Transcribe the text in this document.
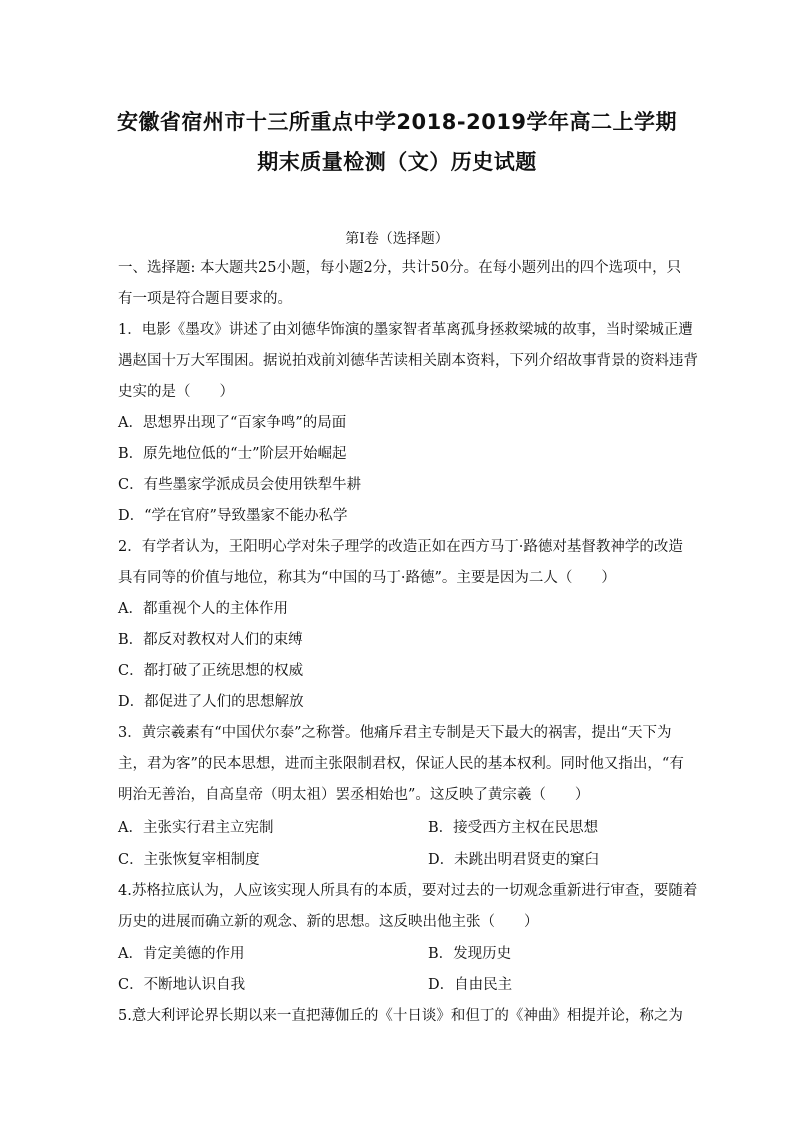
安徽省宿州市十三所重点中学2018-2019学年高二上学期
期末质量检测（文）历史试题
第I卷（选择题）
一、选择题: 本大题共25小题，每小题2分，共计50分。在每小题列出的四个选项中，只
有一项是符合题目要求的。
1．电影《墨攻》讲述了由刘德华饰演的墨家智者革离孤身拯救梁城的故事，当时梁城正遭
遇赵国十万大军围困。据说拍戏前刘德华苦读相关剧本资料，下列介绍故事背景的资料违背
史实的是（　　）
A．思想界出现了“百家争鸣”的局面
B．原先地位低的“士”阶层开始崛起
C．有些墨家学派成员会使用铁犁牛耕
D．“学在官府”导致墨家不能办私学
2．有学者认为，王阳明心学对朱子理学的改造正如在西方马丁·路德对基督教神学的改造
具有同等的价值与地位，称其为“中国的马丁·路德”。主要是因为二人（　　）
A．都重视个人的主体作用
B．都反对教权对人们的束缚
C．都打破了正统思想的权威
D．都促进了人们的思想解放
3．黄宗羲素有“中国伏尔泰”之称誉。他痛斥君主专制是天下最大的祸害，提出“天下为
主，君为客”的民本思想，进而主张限制君权，保证人民的基本权利。同时他又指出，“有
明治无善治，自高皇帝（明太祖）罢丞相始也”。这反映了黄宗羲（　　）
A．主张实行君主立宪制	B．接受西方主权在民思想
C．主张恢复宰相制度	D．未跳出明君贤吏的窠臼
4.苏格拉底认为，人应该实现人所具有的本质，要对过去的一切观念重新进行审查，要随着
历史的进展而确立新的观念、新的思想。这反映出他主张（　　）
A．肯定美德的作用	B．发现历史
C．不断地认识自我	D．自由民主
5.意大利评论界长期以来一直把薄伽丘的《十日谈》和但丁的《神曲》相提并论，称之为
